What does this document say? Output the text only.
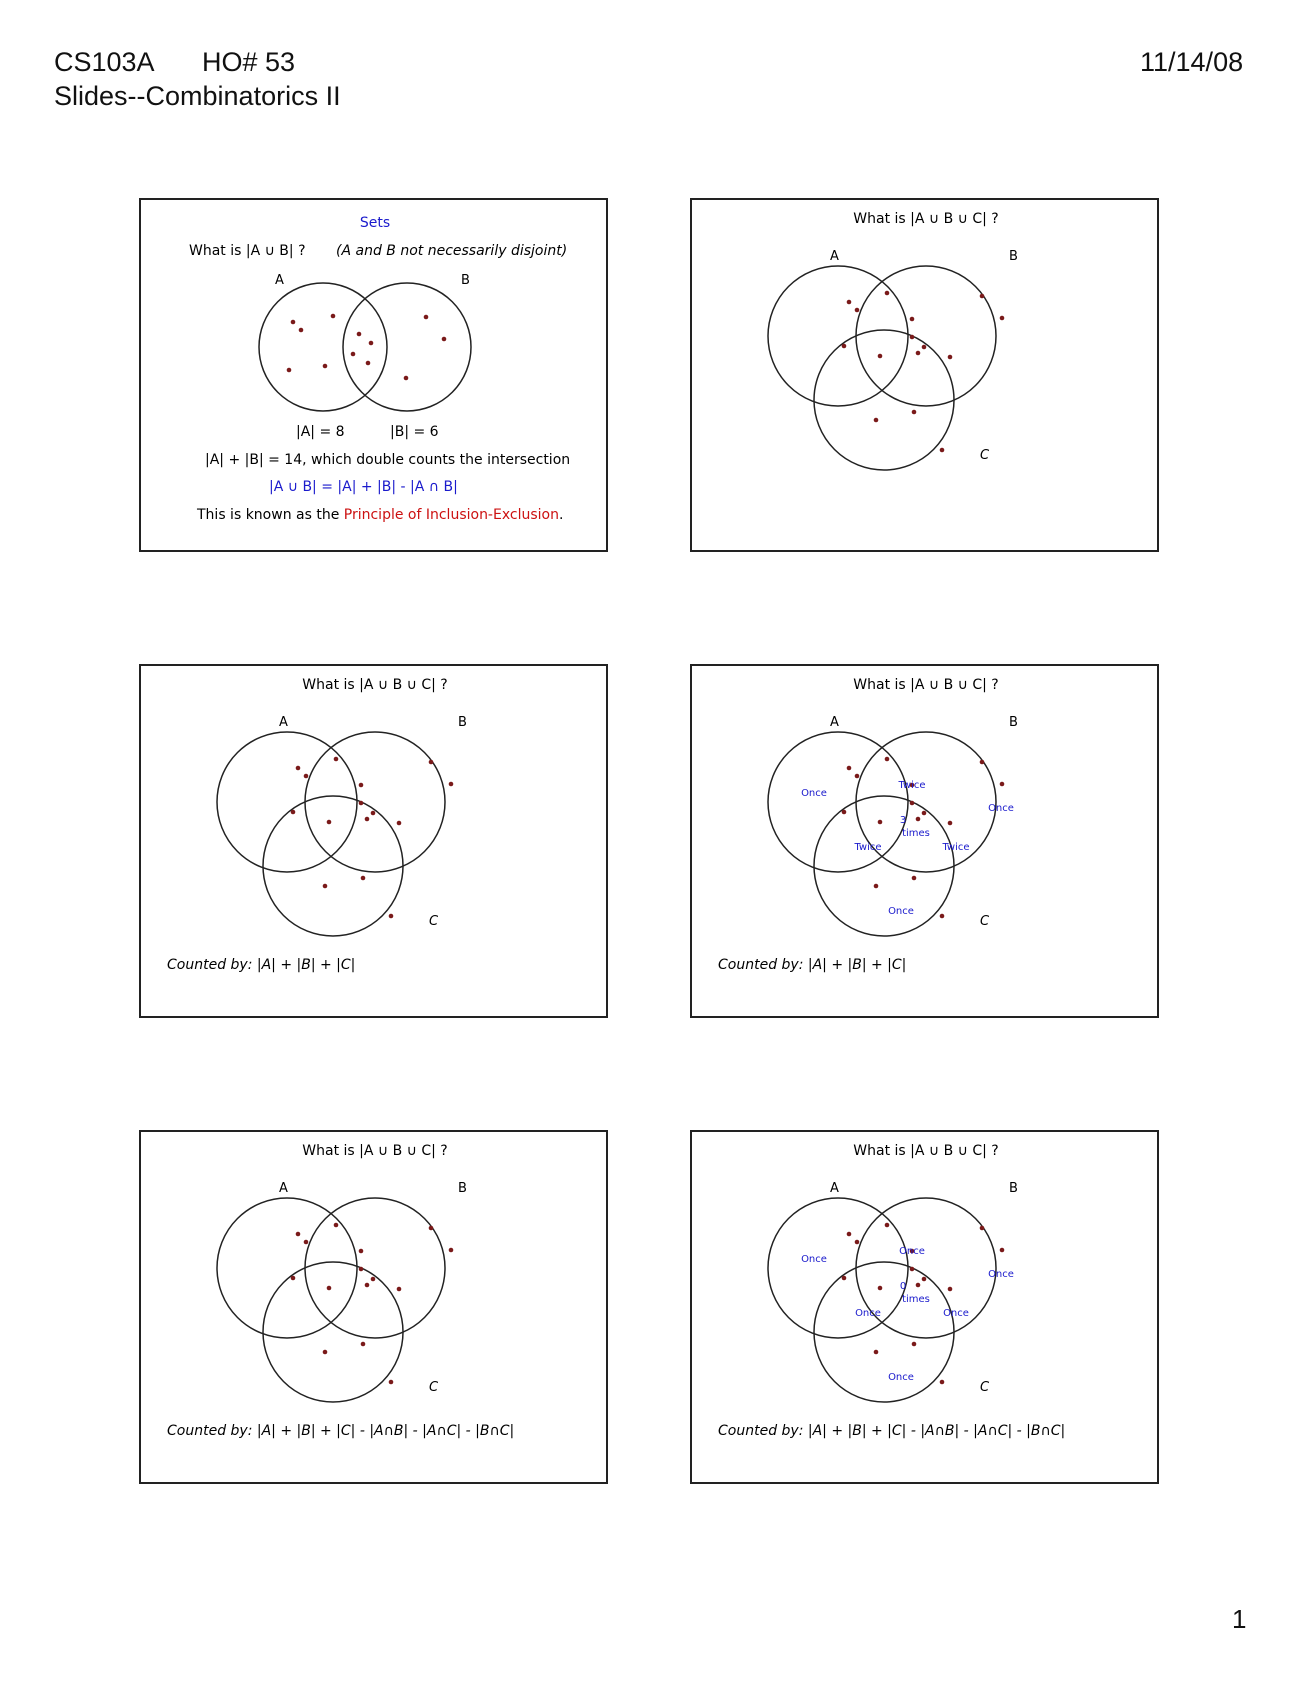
CS103A HO# 53	11/14/08
Slides--Combinatorics II
Sets
What is |A ∪ B| ? (A and B not necessarily disjoint)
A	B
|A| = 8	|B| = 6
|A| + |B| = 14, which double counts the intersection
|A ∪ B| = |A| + |B| - |A ∩ B|
This is known as the Principle of Inclusion-Exclusion.
What is |A ∪ B ∪ C| ?
A	B
C
What is |A ∪ B ∪ C| ?
A	B
C
Counted by: |A| + |B| + |C|
What is |A ∪ B ∪ C| ?
A	B
C
Once
Once
Once
Twice
Twice	Twice
3
times
Counted by: |A| + |B| + |C|
What is |A ∪ B ∪ C| ?
A	B
C
Counted by: |A| + |B| + |C| - |A∩B| - |A∩C| - |B∩C|
What is |A ∪ B ∪ C| ?
A	B
C
Once
Once
Once
Once
Once	Once
0
times
Counted by: |A| + |B| + |C| - |A∩B| - |A∩C| - |B∩C|
1
